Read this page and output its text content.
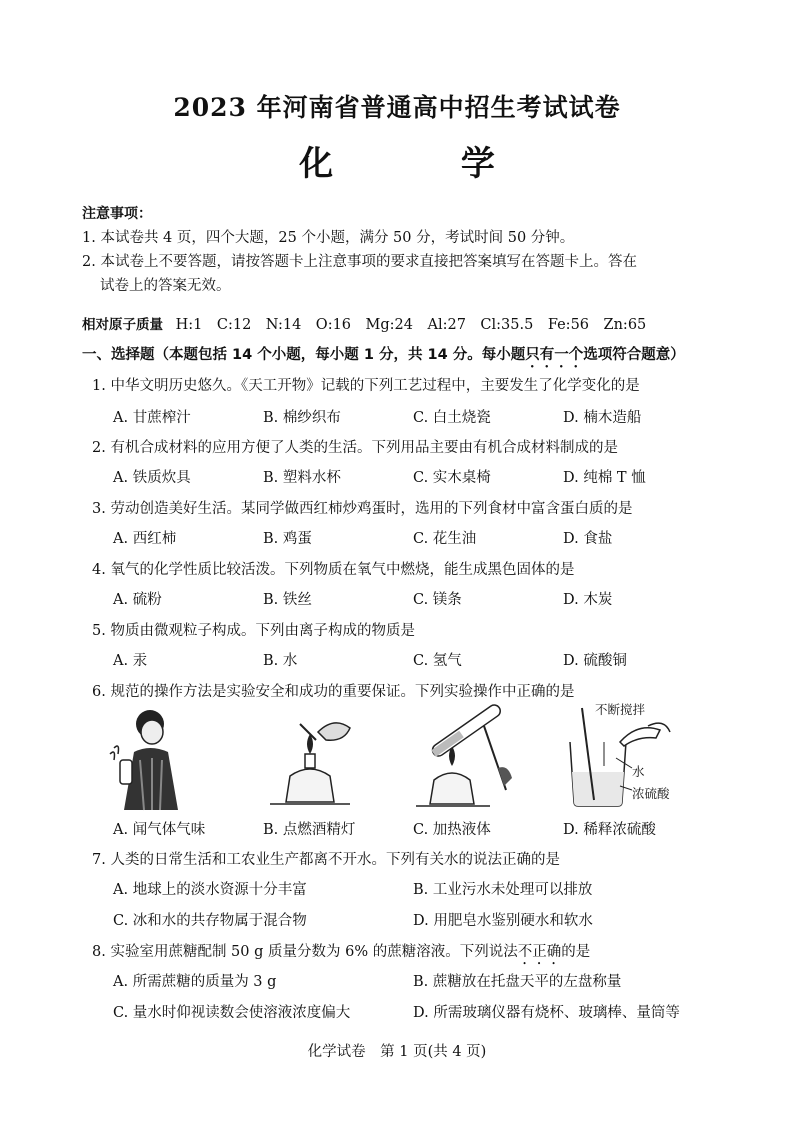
2023 年河南省普通高中招生考试试卷
化 学
注意事项：
1. 本试卷共 4 页，四个大题，25 个小题，满分 50 分，考试时间 50 分钟。
2. 本试卷上不要答题，请按答题卡上注意事项的要求直接把答案填写在答题卡上。答在
试卷上的答案无效。
相对原子质量 H:1　C:12　N:14　O:16　Mg:24　Al:27　Cl:35.5　Fe:56　Zn:65
一、选择题（本题包括 14 个小题，每小题 1 分，共 14 分。每小题只有一个选项符合题意）
1. 中华文明历史悠久。《天工开物》记载的下列工艺过程中，主要发生了化学变化的是
A. 甘蔗榨汁	B. 棉纱织布	C. 白土烧瓷	D. 楠木造船
2. 有机合成材料的应用方便了人类的生活。下列用品主要由有机合成材料制成的是
A. 铁质炊具	B. 塑料水杯	C. 实木桌椅	D. 纯棉 T 恤
3. 劳动创造美好生活。某同学做西红柿炒鸡蛋时，选用的下列食材中富含蛋白质的是
A. 西红柿	B. 鸡蛋	C. 花生油	D. 食盐
4. 氧气的化学性质比较活泼。下列物质在氧气中燃烧，能生成黑色固体的是
A. 硫粉	B. 铁丝	C. 镁条	D. 木炭
5. 物质由微观粒子构成。下列由离子构成的物质是
A. 汞	B. 水	C. 氢气	D. 硫酸铜
6. 规范的操作方法是实验安全和成功的重要保证。下列实验操作中正确的是
不断搅拌
水
浓硫酸
A. 闻气体气味	B. 点燃酒精灯	C. 加热液体	D. 稀释浓硫酸
7. 人类的日常生活和工农业生产都离不开水。下列有关水的说法正确的是
A. 地球上的淡水资源十分丰富	B. 工业污水未处理可以排放
C. 冰和水的共存物属于混合物	D. 用肥皂水鉴别硬水和软水
8. 实验室用蔗糖配制 50 g 质量分数为 6% 的蔗糖溶液。下列说法不正确的是
A. 所需蔗糖的质量为 3 g	B. 蔗糖放在托盘天平的左盘称量
C. 量水时仰视读数会使溶液浓度偏大	D. 所需玻璃仪器有烧杯、玻璃棒、量筒等
化学试卷　第 1 页(共 4 页)
